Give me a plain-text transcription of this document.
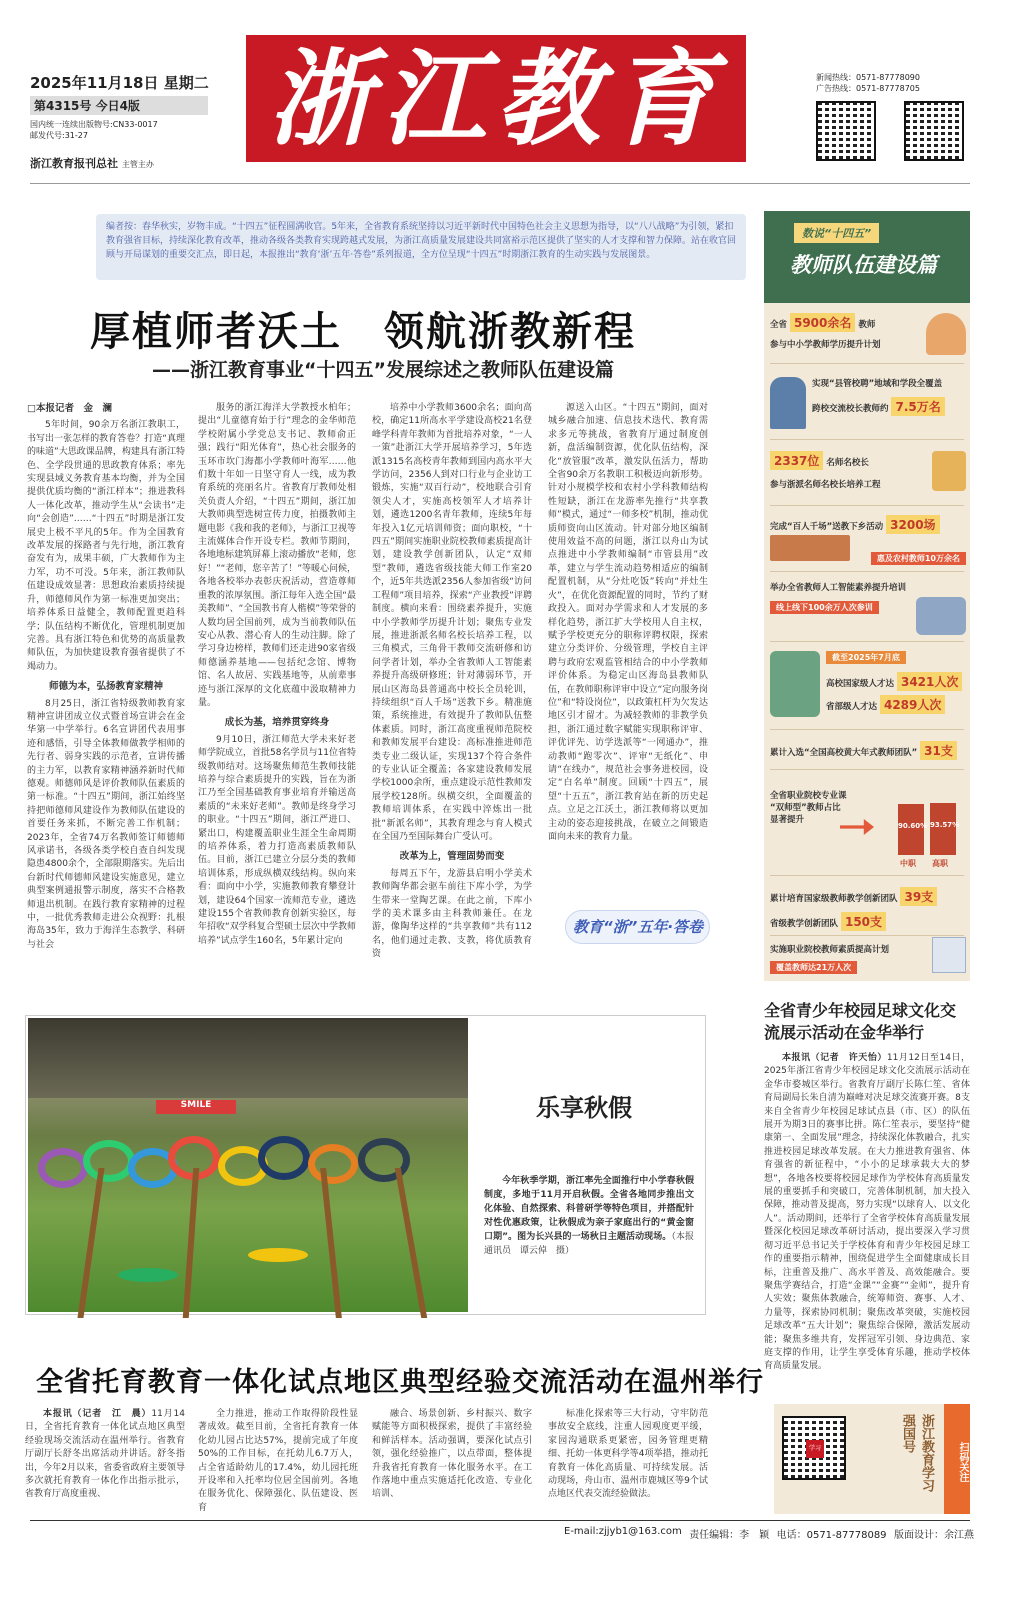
2025年11月18日 星期二
第4315号 今日4版
国内统一连续出版物号:CN33-0017
邮发代号:31-27
浙江教育报刊总社 主管主办
浙江教育	新闻热线：0571-87778090
广告热线：0571-87778705
编者按：春华秋实，岁物丰成。“十四五”征程圆满收官。5年来，全省教育系统坚持以习近平新时代中国特色社会主义思想为指导，以“八八战略”为引领，紧扣教育强省目标，持续深化教育改革，推动各级各类教育实现跨越式发展，为浙江高质量发展建设共同富裕示范区提供了坚实的人才支撑和智力保障。站在收官回顾与开局谋划的重要交汇点，即日起，本报推出“教育‘浙’五年·答卷”系列报道，全方位呈现“十四五”时期浙江教育的生动实践与发展图景。
厚植师者沃土　领航浙教新程
——浙江教育事业“十四五”发展综述之教师队伍建设篇
□本报记者　金　澜

5年时间，90余万名浙江教职工，书写出一张怎样的教育答卷？打造“真理的味道”大思政课品牌，构建具有浙江特色、全学段贯通的思政教育体系；率先实现县域义务教育基本均衡，并为全国提供优质均衡的“浙江样本”；推进教科人一体化改革，推动学生从“会读书”走向“会创造”……“十四五”时期是浙江发展史上极不平凡的5年。作为全国教育改革发展的探路者与先行地，浙江教育奋发有为，成果丰硕，广大教师作为主力军，功不可没。5年来，浙江教师队伍建设成效显著：思想政治素质持续提升，师德师风作为第一标准更加突出；培养体系日益健全，教师配置更趋科学；队伍结构不断优化，管理机制更加完善。具有浙江特色和优势的高质量教师队伍，为加快建设教育强省提供了不竭动力。

师德为本，弘扬教育家精神

8月25日，浙江省特级教师教育家精神宣讲团成立仪式暨首场宣讲会在金华第一中学举行。6名宣讲团代表用事迹和感悟，引导全体教师做教学相师的先行者、弱身实践的示范者，宣讲传播的主力军，以教育家精神涵养新时代师德观。师德师风是评价教师队伍素质的第一标准。“十四五”期间，浙江始终坚持把师德师风建设作为教师队伍建设的首要任务来抓，不断完善工作机制；2023年，全省74万名教师签订师德师风承诺书，各级各类学校自查自纠发现隐患4800余个，全部限期落实。先后出台新时代师德师风建设实施意见，建立典型案例通报警示制度，落实不合格教师退出机制。在践行教育家精神的过程中，一批优秀教师走进公众视野：扎根海岛35年，致力于海洋生态教学、科研与社会

服务的浙江海洋大学教授水柏年；提出“儿童德育始于行”理念的金华师范学校附属小学党总支书记、教师俞正强；践行“阳光体育”，热心社会服务的玉环市坎门海都小学教师叶海军……他们数十年如一日坚守育人一线，成为教育系统的亮丽名片。省教育厅教师处相关负责人介绍，“十四五”期间，浙江加大教师典型选树宣传力度，拍摄教师主题电影《我和我的老师》，与浙江卫视等主流媒体合作开设专栏。教师节期间，各地地标建筑屏幕上滚动播放“老师，您好！”“老师，您辛苦了！”等暖心问候，各地各校举办表彰庆祝活动，营造尊师重教的浓厚氛围。浙江每年入选全国“最美教师”、“全国教书育人楷模”等荣誉的人数均居全国前列，成为当前教师队伍安心从教、潜心育人的生动注脚。除了学习身边榜样，教师们还走进90家省级师德涵养基地——包括纪念馆、博物馆、名人故居、实践基地等，从前辈事迹与浙江深厚的文化底蕴中汲取精神力量。

成长为基，培养贯穿终身

9月10日，浙江师范大学未来好老师学院成立，首批58名学员与11位省特级教师结对。这场聚焦师范生教师技能培养与综合素质提升的实践，旨在为浙江乃至全国基础教育事业培育并输送高素质的“未来好老师”。教师是终身学习的职业。“十四五”期间，浙江严进口、紧出口，构建覆盖职业生涯全生命周期的培养体系，着力打造高素质教师队伍。目前，浙江已建立分层分类的教师培训体系，形成纵横双线结构。纵向来看：面向中小学，实施教师教育攀登计划，建设64个国家一流师范专业，遴选建设155个省教师教育创新实验区，每年招收“双学科复合型硕士层次中学教师培养”试点学生160名，5年累计定向

培养中小学教师3600余名；面向高校，确定11所高水平学建设高校21名登峰学科青年教师为首批培养对象，“一人一策”赴浙江大学开展培养学习，5年选派1315名高校青年教师到国内高水平大学访问，2356人到对口行业与企业访工锻炼，实施“双百行动”，校地联合引育领尖人才，实施高校领军人才培养计划，遴选1200名青年教师，连续5年每年投入1亿元培训师资；面向职校，“十四五”期间实施职业院校教师素质提高计划，建设教学创新团队，认定“双师型”教师，遴选省级技能大师工作室20个，近5年共选派2356人参加省级“访问工程师”项目培养，探索“产业教授”评聘制度。横向来看：围绕素养提升，实施中小学教师学历提升计划；聚焦专业发展，推进浙派名师名校长培养工程，以三角模式，三角骨干教师交流研修和访问学者计划，举办全省教师人工智能素养提升高级研修班；针对薄弱环节，开展山区海岛县普通高中校长全员轮训，持续组织“百人千场”送教下乡。精准施策，系统推进，有效提升了教师队伍整体素质。同时，浙江高度重视师范院校和教师发展平台建设：高标准推进师范类专业二级认证，实现137个符合条件的专业认证全覆盖；各家建设教师发展学校1000余所，重点建设示范性教师发展学校128所。纵横交织，全面覆盖的教师培训体系，在实践中淬炼出一批批“新派名师”，其教育理念与育人模式在全国乃至国际舞台广受认可。

改革为上，管理固势而变

每周五下午，龙游县启明小学美术教师陶华都会驱车前往下库小学，为学生带来一堂陶艺课。在此之前，下库小学的美术课多由主科教师兼任。在龙游，像陶华这样的“共享教师”共有112名，他们通过走教、支教，将优质教育资

源送入山区。“十四五”期间，面对城乡融合加速、信息技术迭代、教育需求多元等挑战，省教育厅通过制度创新，盘活编制资源，优化队伍结构，深化“放管服”改革，激发队伍活力，帮助全省90余万名教职工积极迈向新形势。针对小规模学校和农村小学科教师结构性短缺，浙江在龙游率先推行“共享教师”模式，通过“一师多校”机制，推动优质师资向山区流动。针对部分地区编制使用效益不高的问题，浙江以舟山为试点推进中小学教师编制“市管县用”改革，建立与学生流动趋势相适应的编制配置机制，从“分灶吃饭”转向“并灶生火”，在优化资源配置的同时，节约了财政投入。面对办学需求和人才发展的多样化趋势，浙江扩大学校用人自主权，赋予学校更充分的职称评聘权限，探索建立分类评价、分级管理，学校自主评聘与政府宏观监管相结合的中小学教师评价体系。为稳定山区海岛县教师队伍，在教师职称评审中设立“定向服务岗位”和“特设岗位”，以政策杠杆为欠发达地区引才留才。为减轻教师的非教学负担，浙江通过数字赋能实现职称评审、评优评先、访学选派等“一网通办”，推动教师“跑零次”、评审“无纸化”、申请“在线办”，规范社会事务进校园，设定“白名单”制度。回顾“十四五”，展望“十五五”，浙江教育站在新的历史起点。立足之江沃土，浙江教师将以更加主动的姿态迎接挑战，在破立之间锻造面向未来的教育力量。

教育“浙”五年·答卷
数说“十四五”
教师队伍建设篇
全省 5900余名 教师
参与中小学教师学历提升计划
实现“县管校聘”地域和学段全覆盖
跨校交流校长教师约 7.5万名
2337位 名师名校长
参与浙派名师名校长培养工程
完成“百人千场”送教下乡活动 3200场
惠及农村教师10万余名
举办全省教师人工智能素养提升培训
线上线下100余万人次参训
截至2025年7月底
高校国家级人才达 3421人次
省部级人才达 4289人次
累计入选“全国高校黄大年式教师团队” 31支
全省职业院校专业课
“双师型”教师占比
显著提升
90.60% 93.57%
中职 高职
累计培育国家级教师教学创新团队 39支
省级教学创新团队 150支
实施职业院校教师素质提高计划
覆盖教师达21万人次
全省青少年校园足球文化交流展示活动在金华举行

本报讯（记者　许天怡）11月12日至14日，2025年浙江省青少年校园足球文化交流展示活动在金华市婺城区举行。省教育厅副厅长陈仁笙、省体育局副局长朱自清为巅峰对决足球交流赛开赛。8支来自全省青少年校园足球试点县（市、区）的队伍展开为期3日的赛事比拼。陈仁笙表示，要坚持“健康第一、全面发展”理念，持续深化体教融合，扎实推进校园足球改革发展。在大力推进教育强省、体育强省的新征程中，“小小的足球承载大大的梦想”，各地各校要将校园足球作为学校体育高质量发展的重要抓手和突破口，完善体制机制，加大投入保障，推动普及提高，努力实现“以球育人、以文化人”。活动期间，还举行了全省学校体育高质量发展暨深化校园足球改革研讨活动，提出要深入学习贯彻习近平总书记关于学校体育和青少年校园足球工作的重要指示精神，围绕促进学生全面健康成长目标，注重普及推广、高水平普及、高效能融合。要聚焦学赛结合，打造“金课”“金赛”“金师”，提升育人实效；聚焦体教融合，统筹师资、赛事、人才、力量等，探索协同机制；聚焦改革突破，实施校园足球改革“五大计划”；聚焦综合保障，激活发展动能；聚焦多维共育，发挥冠军引领、身边典范、家庭支撑的作用，让学生享受体育乐趣，推动学校体育高质量发展。

SMILE	乐享秋假

今年秋季学期，浙江率先全面推行中小学春秋假制度，多地于11月开启秋假。全省各地同步推出文化体验、自然探索、科普研学等特色项目，并搭配针对性优惠政策，让秋假成为亲子家庭出行的“黄金窗口期”。图为长兴县的一场秋日主题活动现场。（本报通讯员　谭云倬　摄）

全省托育教育一体化试点地区典型经验交流活动在温州举行

本报讯（记者　江　晨）11月14日，全省托育教育一体化试点地区典型经验现场交流活动在温州举行。省教育厅副厅长舒冬出席活动并讲话。舒冬指出，今年2月以来，省委省政府主要领导多次就托育教育一体化作出指示批示，省教育厅高度重视、

全力推进，推动工作取得阶段性显著成效。截至目前，全省托育教育一体化幼儿园占比达57%，提前完成了年度50%的工作目标，在托幼儿6.7万人，占全省适龄幼儿的17.4%，幼儿园托班开设率和入托率均位居全国前列。各地在服务优化、保障强化、队伍建设、医育

融合、场景创新、乡村振兴、数字赋能等方面积极探索，提供了丰富经验和鲜活样本。活动强调，要深化试点引领，强化经验推广，以点带面，整体提升我省托育教育一体化服务水平。在工作落地中重点实施适托化改造、专业化培训、

标准化探索等三大行动，守牢防范事故安全底线，注重人园观度更平缓，家园沟通联系更紧密，园务管理更精细、托幼一体更科学等4项举措，推动托育教育一体化高质量、可持续发展。活动现场，舟山市、温州市鹿城区等9个试点地区代表交流经验做法。

学习	浙江教育学习强国号
扫码关注
E-mail:zjjyb1@163.com 责任编辑：李　颖 电话：0571-87778089 版面设计：余江燕
